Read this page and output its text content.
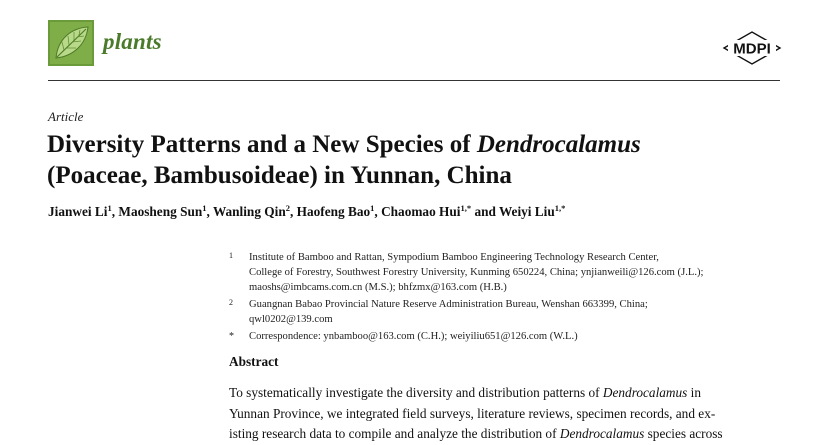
plants	MDPI
Article
Diversity Patterns and a New Species of Dendrocalamus
(Poaceae, Bambusoideae) in Yunnan, China
Jianwei Li$^1$, Maosheng Sun$^1$, Wanling Qin$^2$, Haofeng Bao$^1$, Chaomao Hui$^{1,*}$ and Weiyi Liu$^{1,*}$
1 Institute of Bamboo and Rattan, Sympodium Bamboo Engineering Technology Research Center,
College of Forestry, Southwest Forestry University, Kunming 650224, China; ynjianweili@126.com (J.L.);
maoshs@imbcams.com.cn (M.S.); bhfzmx@163.com (H.B.)
2 Guangnan Babao Provincial Nature Reserve Administration Bureau, Wenshan 663399, China;
qwl0202@139.com
* Correspondence: ynbamboo@163.com (C.H.); weiyiliu651@126.com (W.L.)
Abstract
To systematically investigate the diversity and distribution patterns of Dendrocalamus in
Yunnan Province, we integrated field surveys, literature reviews, specimen records, and ex-
isting research data to compile and analyze the distribution of Dendrocalamus species across
